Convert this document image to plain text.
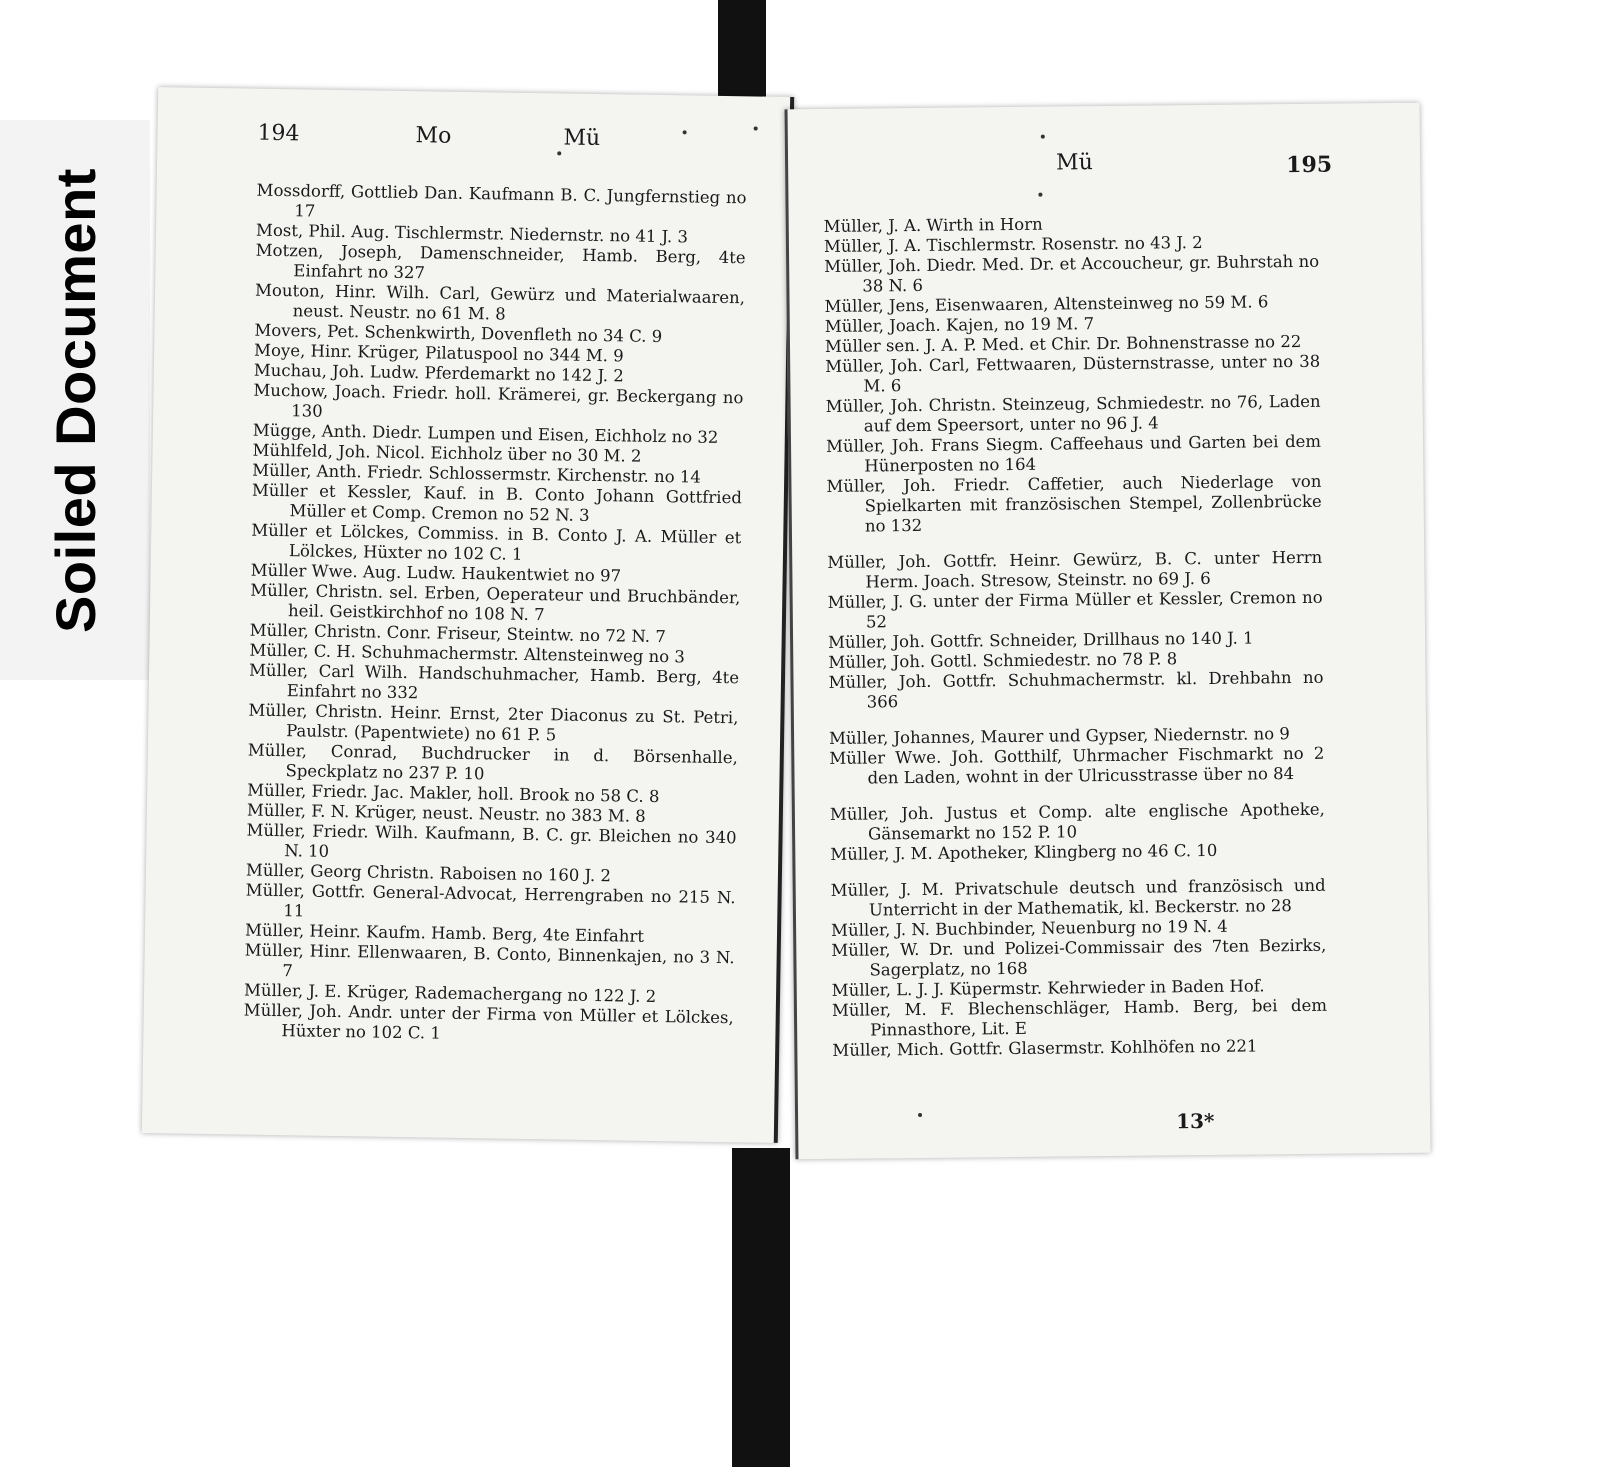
Soiled Document
194	Mo	Mü

Mossdorff, Gottlieb Dan. Kaufmann B. C. Jungfernstieg no 17

Most, Phil. Aug. Tischlermstr. Niedernstr. no 41 J. 3

Motzen, Joseph, Damenschneider, Hamb. Berg, 4te Einfahrt no 327

Mouton, Hinr. Wilh. Carl, Gewürz und Materialwaaren, neust. Neustr. no 61 M. 8

Movers, Pet. Schenkwirth, Dovenfleth no 34 C. 9

Moye, Hinr. Krüger, Pilatuspool no 344 M. 9

Muchau, Joh. Ludw. Pferdemarkt no 142 J. 2

Muchow, Joach. Friedr. holl. Krämerei, gr. Beckergang no 130

Mügge, Anth. Diedr. Lumpen und Eisen, Eichholz no 32

Mühlfeld, Joh. Nicol. Eichholz über no 30 M. 2

Müller, Anth. Friedr. Schlossermstr. Kirchenstr. no 14

Müller et Kessler, Kauf. in B. Conto Johann Gottfried Müller et Comp. Cremon no 52 N. 3

Müller et Lölckes, Commiss. in B. Conto J. A. Müller et Lölckes, Hüxter no 102 C. 1

Müller Wwe. Aug. Ludw. Haukentwiet no 97

Müller, Christn. sel. Erben, Oeperateur und Bruchbänder, heil. Geistkirchhof no 108 N. 7

Müller, Christn. Conr. Friseur, Steintw. no 72 N. 7

Müller, C. H. Schuhmachermstr. Altensteinweg no 3

Müller, Carl Wilh. Handschuhmacher, Hamb. Berg, 4te Einfahrt no 332

Müller, Christn. Heinr. Ernst, 2ter Diaconus zu St. Petri, Paulstr. (Papentwiete) no 61 P. 5

Müller, Conrad, Buchdrucker in d. Börsenhalle, Speckplatz no 237 P. 10

Müller, Friedr. Jac. Makler, holl. Brook no 58 C. 8

Müller, F. N. Krüger, neust. Neustr. no 383 M. 8

Müller, Friedr. Wilh. Kaufmann, B. C. gr. Bleichen no 340 N. 10

Müller, Georg Christn. Raboisen no 160 J. 2

Müller, Gottfr. General-Advocat, Herrengraben no 215 N. 11

Müller, Heinr. Kaufm. Hamb. Berg, 4te Einfahrt

Müller, Hinr. Ellenwaaren, B. Conto, Binnenkajen, no 3 N. 7

Müller, J. E. Krüger, Rademachergang no 122 J. 2

Müller, Joh. Andr. unter der Firma von Müller et Lölckes, Hüxter no 102 C. 1

Mü	195

Müller, J. A. Wirth in Horn

Müller, J. A. Tischlermstr. Rosenstr. no 43 J. 2

Müller, Joh. Diedr. Med. Dr. et Accoucheur, gr. Buhrstah no 38 N. 6

Müller, Jens, Eisenwaaren, Altensteinweg no 59 M. 6

Müller, Joach. Kajen, no 19 M. 7

Müller sen. J. A. P. Med. et Chir. Dr. Bohnenstrasse no 22

Müller, Joh. Carl, Fettwaaren, Düsternstrasse, unter no 38 M. 6

Müller, Joh. Christn. Steinzeug, Schmiedestr. no 76, Laden auf dem Speersort, unter no 96 J. 4

Müller, Joh. Frans Siegm. Caffeehaus und Garten bei dem Hünerposten no 164

Müller, Joh. Friedr. Caffetier, auch Niederlage von Spielkarten mit französischen Stempel, Zollenbrücke no 132

Müller, Joh. Gottfr. Heinr. Gewürz, B. C. unter Herrn Herm. Joach. Stresow, Steinstr. no 69 J. 6

Müller, J. G. unter der Firma Müller et Kessler, Cremon no 52

Müller, Joh. Gottfr. Schneider, Drillhaus no 140 J. 1

Müller, Joh. Gottl. Schmiedestr. no 78 P. 8

Müller, Joh. Gottfr. Schuhmachermstr. kl. Drehbahn no 366

Müller, Johannes, Maurer und Gypser, Niedernstr. no 9

Müller Wwe. Joh. Gotthilf, Uhrmacher Fischmarkt no 2 den Laden, wohnt in der Ulricusstrasse über no 84

Müller, Joh. Justus et Comp. alte englische Apotheke, Gänsemarkt no 152 P. 10

Müller, J. M. Apotheker, Klingberg no 46 C. 10

Müller, J. M. Privatschule deutsch und französisch und Unterricht in der Mathematik, kl. Beckerstr. no 28

Müller, J. N. Buchbinder, Neuenburg no 19 N. 4

Müller, W. Dr. und Polizei-Commissair des 7ten Bezirks, Sagerplatz, no 168

Müller, L. J. J. Küpermstr. Kehrwieder in Baden Hof.

Müller, M. F. Blechenschläger, Hamb. Berg, bei dem Pinnasthore, Lit. E

Müller, Mich. Gottfr. Glasermstr. Kohlhöfen no 221

13*
